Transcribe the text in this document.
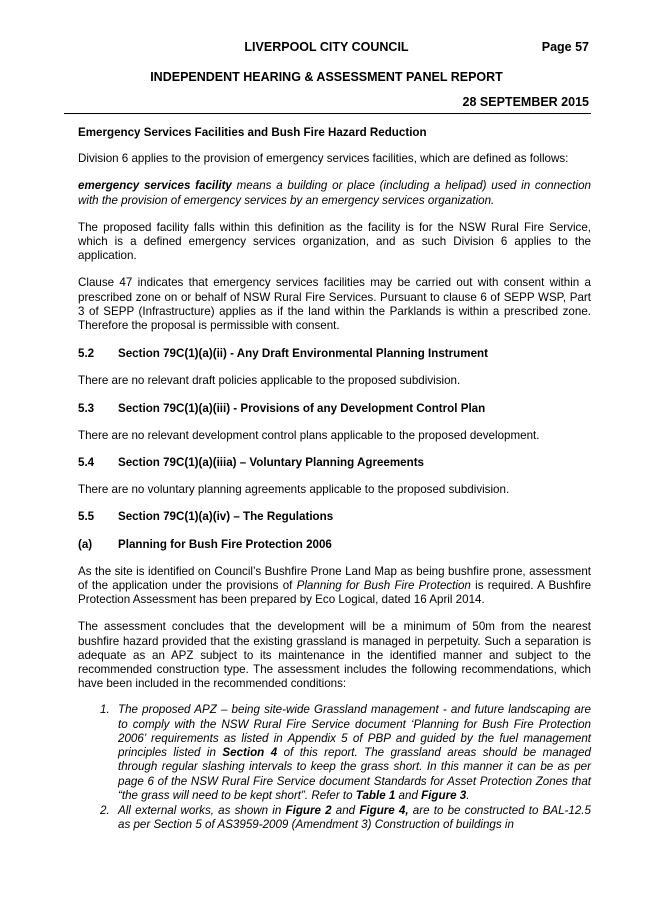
LIVERPOOL CITY COUNCIL	Page 57
INDEPENDENT HEARING & ASSESSMENT PANEL REPORT
28 SEPTEMBER 2015

Emergency Services Facilities and Bush Fire Hazard Reduction

Division 6 applies to the provision of emergency services facilities, which are defined as follows:

emergency services facility means a building or place (including a helipad) used in connection with the provision of emergency services by an emergency services organization.

The proposed facility falls within this definition as the facility is for the NSW Rural Fire Service, which is a defined emergency services organization, and as such Division 6 applies to the application.

Clause 47 indicates that emergency services facilities may be carried out with consent within a prescribed zone on or behalf of NSW Rural Fire Services. Pursuant to clause 6 of SEPP WSP, Part 3 of SEPP (Infrastructure) applies as if the land within the Parklands is within a prescribed zone. Therefore the proposal is permissible with consent.

5.2 Section 79C(1)(a)(ii) - Any Draft Environmental Planning Instrument

There are no relevant draft policies applicable to the proposed subdivision.

5.3 Section 79C(1)(a)(iii) - Provisions of any Development Control Plan

There are no relevant development control plans applicable to the proposed development.

5.4 Section 79C(1)(a)(iiia) – Voluntary Planning Agreements

There are no voluntary planning agreements applicable to the proposed subdivision.

5.5 Section 79C(1)(a)(iv) – The Regulations

(a) Planning for Bush Fire Protection 2006

As the site is identified on Council’s Bushfire Prone Land Map as being bushfire prone, assessment of the application under the provisions of Planning for Bush Fire Protection is required. A Bushfire Protection Assessment has been prepared by Eco Logical, dated 16 April 2014.

The assessment concludes that the development will be a minimum of 50m from the nearest bushfire hazard provided that the existing grassland is managed in perpetuity. Such a separation is adequate as an APZ subject to its maintenance in the identified manner and subject to the recommended construction type. The assessment includes the following recommendations, which have been included in the recommended conditions:

1. The proposed APZ – being site-wide Grassland management - and future landscaping are to comply with the NSW Rural Fire Service document ‘Planning for Bush Fire Protection 2006’ requirements as listed in Appendix 5 of PBP and guided by the fuel management principles listed in Section 4 of this report. The grassland areas should be managed through regular slashing intervals to keep the grass short. In this manner it can be as per page 6 of the NSW Rural Fire Service document Standards for Asset Protection Zones that “the grass will need to be kept short”. Refer to Table 1 and Figure 3.
2. All external works, as shown in Figure 2 and Figure 4, are to be constructed to BAL-12.5 as per Section 5 of AS3959-2009 (Amendment 3) Construction of buildings in
